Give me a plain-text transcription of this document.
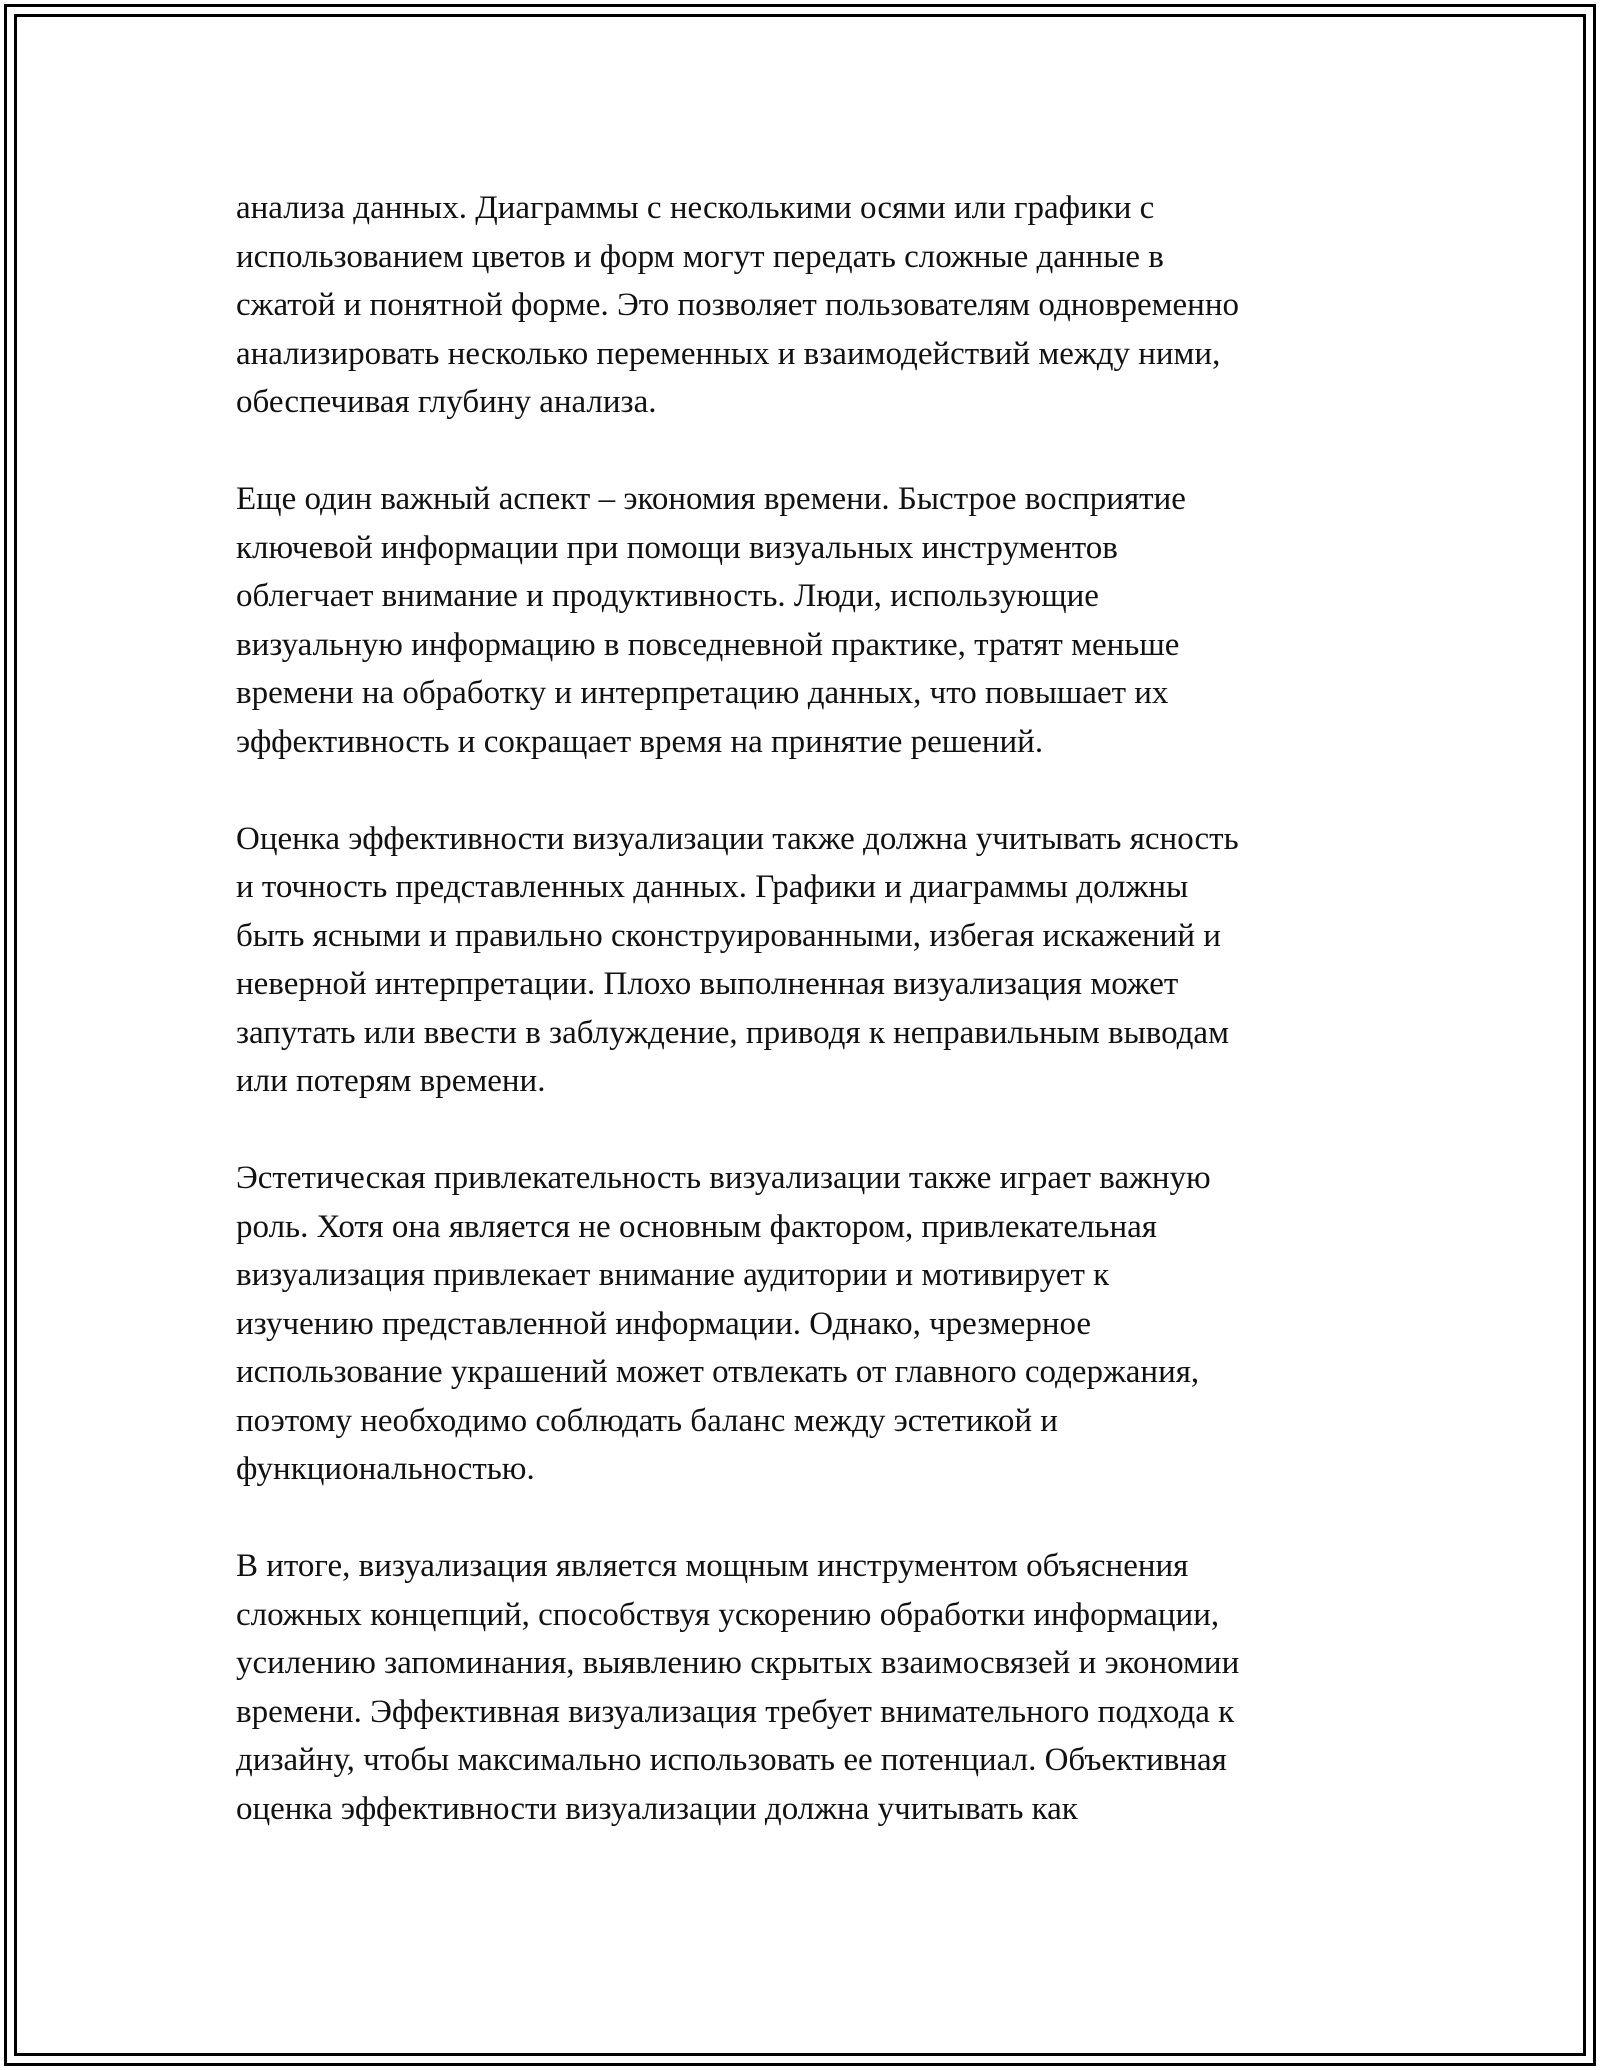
анализа данных. Диаграммы с несколькими осями или графики с
использованием цветов и форм могут передать сложные данные в
сжатой и понятной форме. Это позволяет пользователям одновременно
анализировать несколько переменных и взаимодействий между ними,
обеспечивая глубину анализа.

Еще один важный аспект – экономия времени. Быстрое восприятие
ключевой информации при помощи визуальных инструментов
облегчает внимание и продуктивность. Люди, использующие
визуальную информацию в повседневной практике, тратят меньше
времени на обработку и интерпретацию данных, что повышает их
эффективность и сокращает время на принятие решений.

Оценка эффективности визуализации также должна учитывать ясность
и точность представленных данных. Графики и диаграммы должны
быть ясными и правильно сконструированными, избегая искажений и
неверной интерпретации. Плохо выполненная визуализация может
запутать или ввести в заблуждение, приводя к неправильным выводам
или потерям времени.

Эстетическая привлекательность визуализации также играет важную
роль. Хотя она является не основным фактором, привлекательная
визуализация привлекает внимание аудитории и мотивирует к
изучению представленной информации. Однако, чрезмерное
использование украшений может отвлекать от главного содержания,
поэтому необходимо соблюдать баланс между эстетикой и
функциональностью.

В итоге, визуализация является мощным инструментом объяснения
сложных концепций, способствуя ускорению обработки информации,
усилению запоминания, выявлению скрытых взаимосвязей и экономии
времени. Эффективная визуализация требует внимательного подхода к
дизайну, чтобы максимально использовать ее потенциал. Объективная
оценка эффективности визуализации должна учитывать как
